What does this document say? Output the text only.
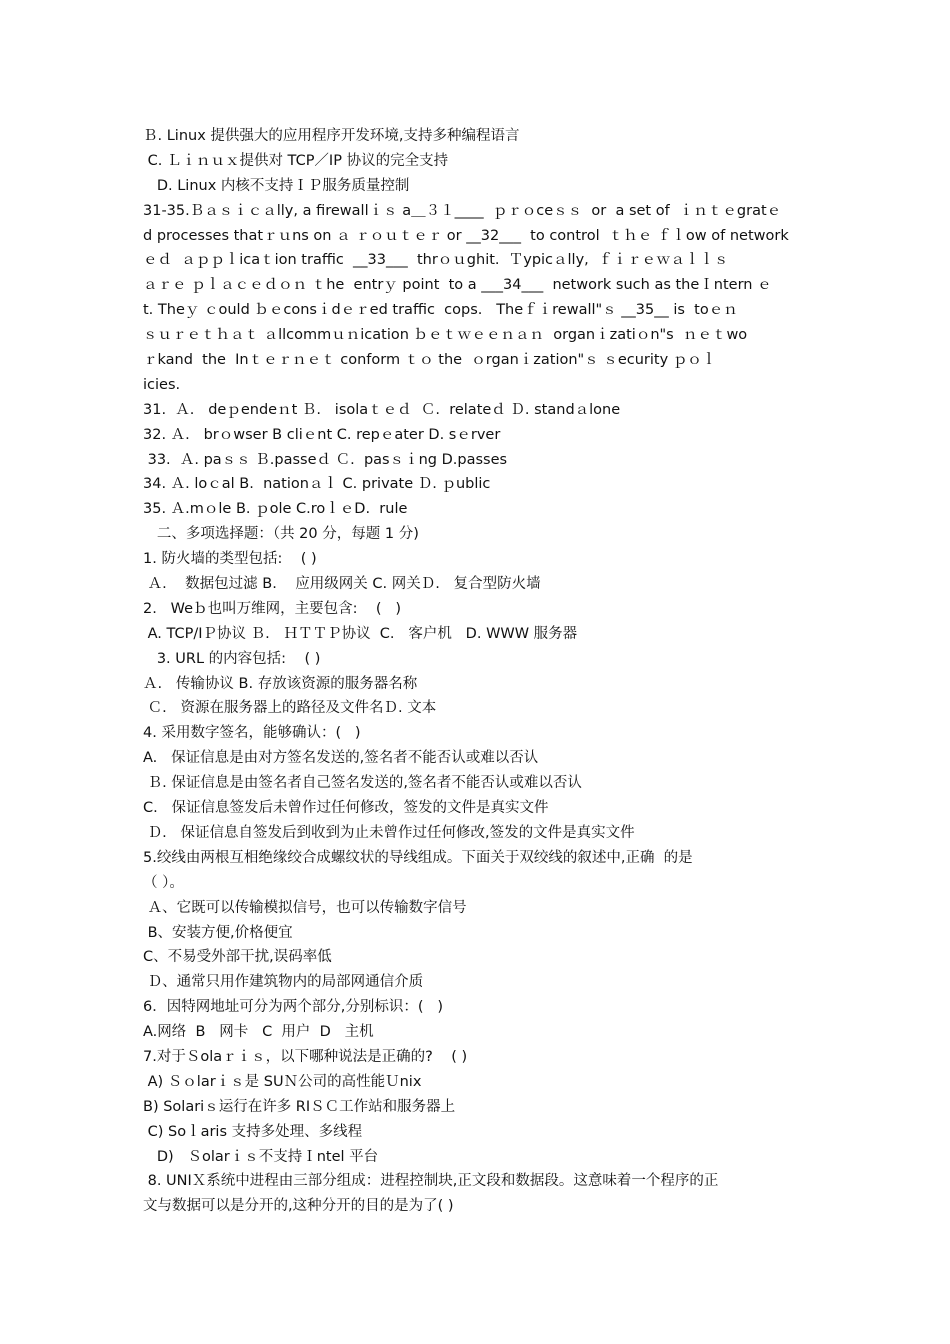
Ｂ. Linux 提供强大的应用程序开发环境,支持多种编程语言
C. Ｌｉｎｕｘ提供对 TCP／IP 协议的完全支持
D. Linux 内核不支持ＩＰ服务质量控制
31-35.Ｂａｓｉｃａlly, a firewallｉｓ a＿３１____  ｐｒｏceｓｓ  or  a set of  ｉｎｔｅgratｅ
d processes thatｒｕns on ａ ｒｏｕｔｅｒ or __32___  to control  ｔｈｅ ｆｌow of network
ｅｄ  ａｐｐｌicaｔion traffic  __33___  thrｏｕghit.  Ｔypicａlly,  ｆｉｒｅｗａｌｌｓ
ａｒｅ ｐｌａｃｅｄｏｎ ｔhe  entrｙ point  to a ___34___  network such as theＩntern ｅ
t. Theｙ ｃould ｂｅconsｉdｅｒed traffic  cops.   Theｆｉrewall"ｓ __35__ is  toｅｎ
ｓｕｒｅｔｈａｔ ａllcommｕｎication ｂｅｔｗｅｅｎａｎ  organｉzatiｏn"s  ｎｅｔwo
ｒkand  the  Inｔｅｒｎｅｔ conform ｔｏ the  ｏrganｉzation"ｓ ｓecurity ｐｏｌ
icies.
31.  Ａ.   deｐendeｎt Ｂ.   isolaｔｅｄ  Ｃ.  relateｄ Ｄ. standａlone
32. Ａ.   brｏwser B cliｅnt C. repｅater D. sｅrver
33.  Ａ. paｓｓ Ｂ.passeｄ Ｃ.  pasｓｉng D.passes
34. Ａ. loｃal B.  nationａｌ C. private Ｄ. ｐublic
35. Ａ.mｏle B. ｐole C.roｌｅD.  rule
二、多项选择题：（共 20 分，每题 1 分)
1. 防火墙的类型包括:    ( )
Ａ.    数据包过滤 B.    应用级网关 C. 网关Ｄ.   复合型防火墙
2.   Weｂ也叫万维网，主要包含:    (   )
A. TCP/IＰ协议 Ｂ.   ＨＴＴＰ协议  C.   客户机   D. WWW 服务器
3. URL 的内容包括:    ( )
Ａ.   传输协议 B. 存放该资源的服务器名称
Ｃ.   资源在服务器上的路径及文件名Ｄ. 文本
4. 采用数字签名，能够确认：(   )
A.   保证信息是由对方签名发送的,签名者不能否认或难以否认
Ｂ. 保证信息是由签名者自己签名发送的,签名者不能否认或难以否认
C.   保证信息签发后未曾作过任何修改，签发的文件是真实文件
Ｄ.   保证信息自签发后到收到为止未曾作过任何修改,签发的文件是真实文件
5.绞线由两根互相绝缘绞合成螺纹状的导线组成。下面关于双绞线的叙述中,正确  的是
（ ）。
Ａ、它既可以传输模拟信号，也可以传输数字信号
B、安装方便,价格便宜
C、不易受外部干扰,误码率低
Ｄ、通常只用作建筑物内的局部网通信介质
6．因特网地址可分为两个部分,分别标识：(   )
A.网络  B   网卡   C  用户  D   主机
7.对于Ｓolaｒｉｓ，以下哪种说法是正确的?    ( )
A) Ｓｏlarｉｓ是 SUＮ公司的高性能Ｕnix
B) Solariｓ运行在许多 RIＳＣ工作站和服务器上
C) Soｌaris 支持多处理、多线程
D)   Ｓolarｉｓ不支持Ｉntel 平台
8. UNIＸ系统中进程由三部分组成：进程控制块,正文段和数据段。这意味着一个程序的正
文与数据可以是分开的,这种分开的目的是为了( )
